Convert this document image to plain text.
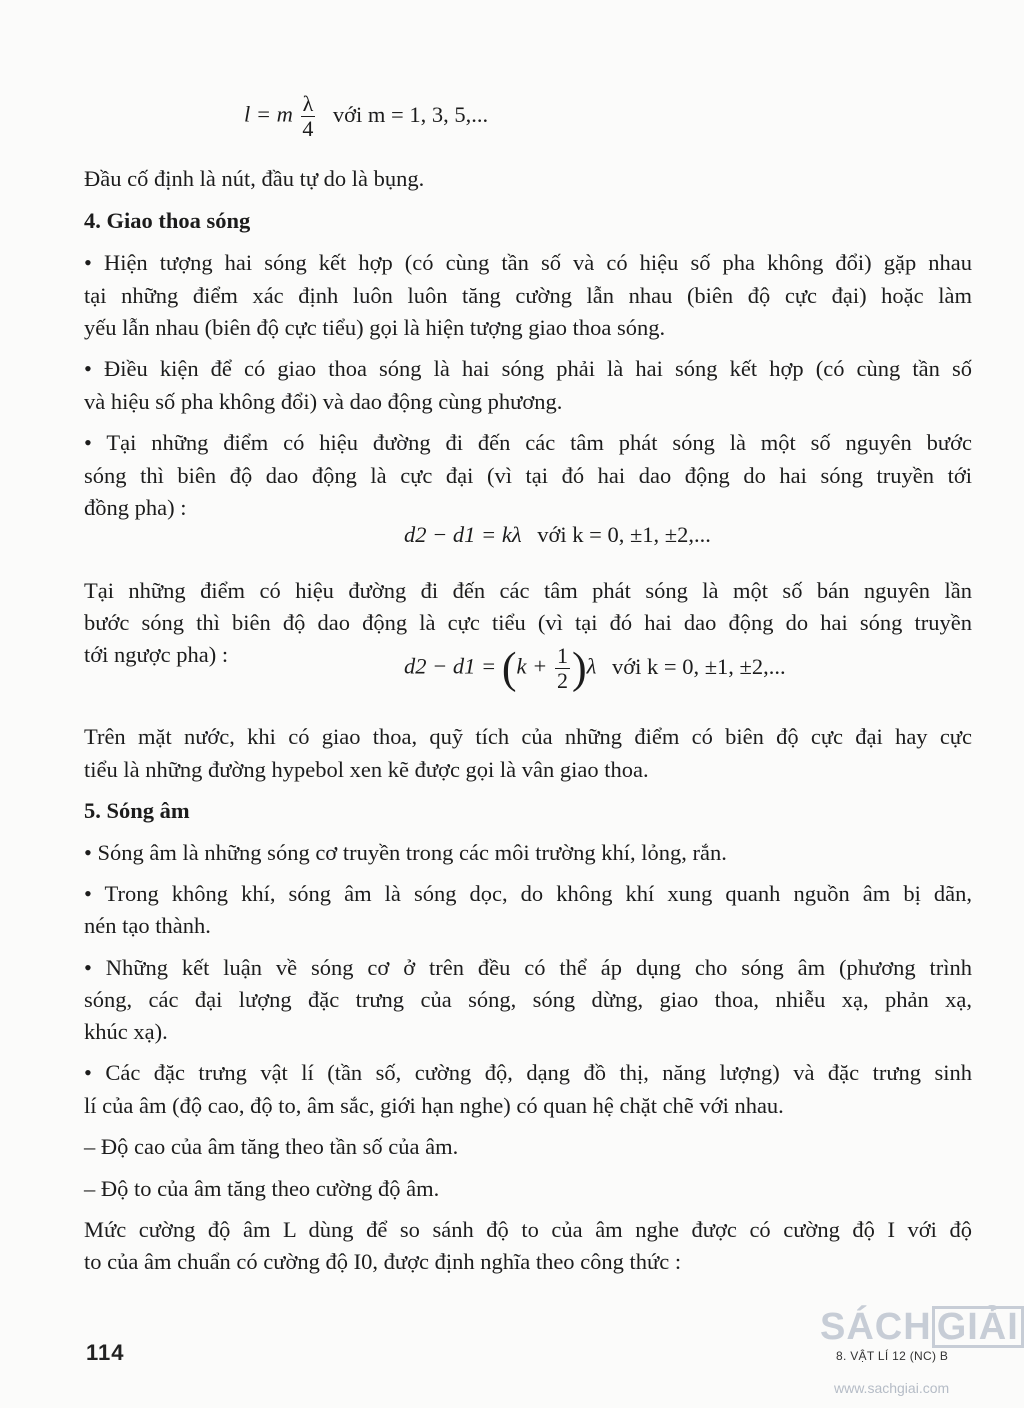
l = m $\frac{\lambda}{4}$ với m = 1, 3, 5,...
Đầu cố định là nút, đầu tự do là bụng.
4. Giao thoa sóng
• Hiện tượng hai sóng kết hợp (có cùng tần số và có hiệu số pha không đổi) gặp nhau
tại những điểm xác định luôn luôn tăng cường lẫn nhau (biên độ cực đại) hoặc làm
yếu lẫn nhau (biên độ cực tiểu) gọi là hiện tượng giao thoa sóng.
• Điều kiện để có giao thoa sóng là hai sóng phải là hai sóng kết hợp (có cùng tần số
và hiệu số pha không đổi) và dao động cùng phương.
• Tại những điểm có hiệu đường đi đến các tâm phát sóng là một số nguyên bước
sóng thì biên độ dao động là cực đại (vì tại đó hai dao động do hai sóng truyền tới
đồng pha) :
d2 − d1 = kλ với k = 0, ±1, ±2,...
Tại những điểm có hiệu đường đi đến các tâm phát sóng là một số bán nguyên lần
bước sóng thì biên độ dao động là cực tiểu (vì tại đó hai dao động do hai sóng truyền
tới ngược pha) :	$d2 - d1 = (k + \frac{1}{2} )\lambda$ với k = 0, ±1, ±2,...
Trên mặt nước, khi có giao thoa, quỹ tích của những điểm có biên độ cực đại hay cực
tiểu là những đường hypebol xen kẽ được gọi là vân giao thoa.
5. Sóng âm
• Sóng âm là những sóng cơ truyền trong các môi trường khí, lỏng, rắn.
• Trong không khí, sóng âm là sóng dọc, do không khí xung quanh nguồn âm bị dãn,
nén tạo thành.
• Những kết luận về sóng cơ ở trên đều có thể áp dụng cho sóng âm (phương trình
sóng, các đại lượng đặc trưng của sóng, sóng dừng, giao thoa, nhiễu xạ, phản xạ,
khúc xạ).
• Các đặc trưng vật lí (tần số, cường độ, dạng đồ thị, năng lượng) và đặc trưng sinh
lí của âm (độ cao, độ to, âm sắc, giới hạn nghe) có quan hệ chặt chẽ với nhau.
– Độ cao của âm tăng theo tần số của âm.
– Độ to của âm tăng theo cường độ âm.
Mức cường độ âm L dùng để so sánh độ to của âm nghe được có cường độ I với độ
to của âm chuẩn có cường độ I0, được định nghĩa theo công thức :
114	8. VẬT LÍ 12 (NC) B
SÁCH GIẢI
www.sachgiai.com
